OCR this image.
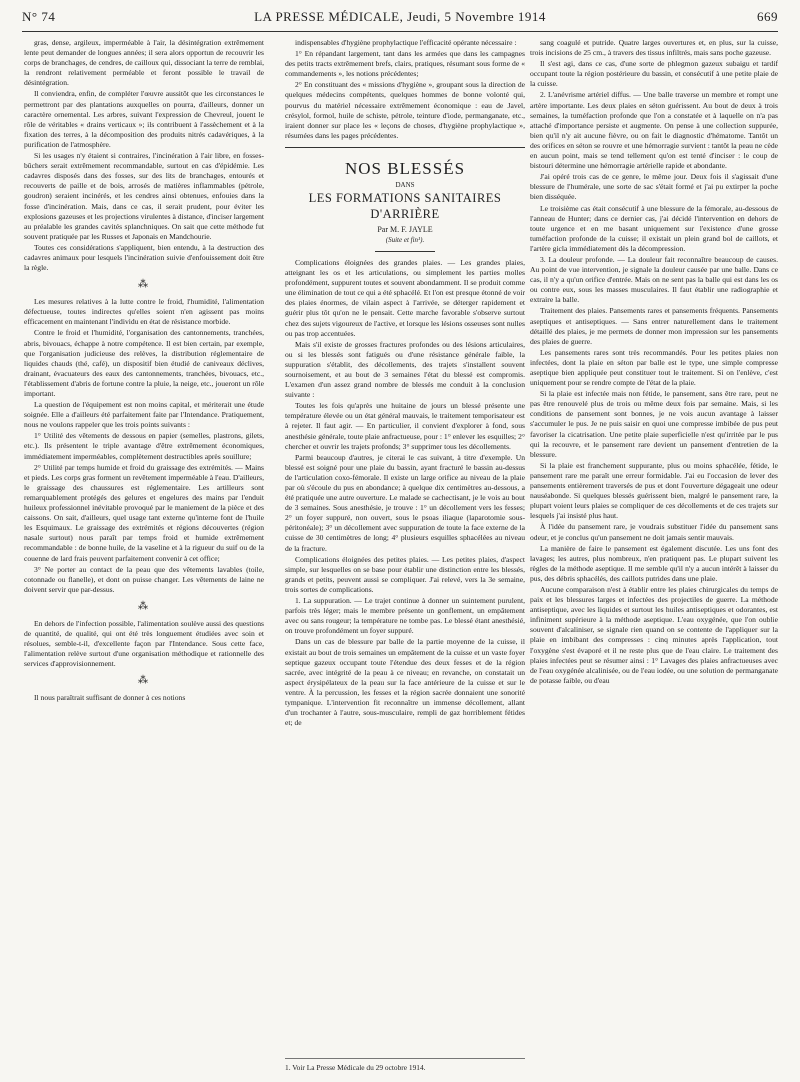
N° 74	LA PRESSE MÉDICALE, Jeudi, 5 Novembre 1914	669

gras, dense, argileux, imperméable à l'air, la désintégration extrêmement lente peut demander de longues années; il sera alors opportun de recouvrir les corps de branchages, de cendres, de cailloux qui, dissociant la terre de remblai, la rendront relativement perméable et feront possible le travail de désintégration.

Il conviendra, enfin, de compléter l'œuvre aussitôt que les circonstances le permettront par des plantations auxquelles on pourra, d'ailleurs, donner un caractère ornemental. Les arbres, suivant l'expression de Chevreul, jouent le rôle de véritables « drains verticaux »; ils contribuent à l'assèchement et à la fixation des terres, à la décomposition des produits nitrés cadavériques, à la purification de l'atmosphère.

Si les usages n'y étaient si contraires, l'incinération à l'air libre, en fosses-bûchers serait extrêmement recommandable, surtout en cas d'épidémie. Les cadavres disposés dans des fosses, sur des lits de branchages, entourés et recouverts de paille et de bois, arrosés de matières inflammables (pétrole, goudron) seraient incinérés, et les cendres ainsi obtenues, enfouies dans la fosse d'incinération. Mais, dans ce cas, il serait prudent, pour éviter les explosions gazeuses et les projections virulentes à distance, d'inciser largement au préalable les grandes cavités splanchniques. On sait que cette méthode fut souvent pratiquée par les Russes et Japonais en Mandchourie.

Toutes ces considérations s'appliquent, bien entendu, à la destruction des cadavres animaux pour lesquels l'incinération suivie d'enfouissement doit être la règle.

⁂

Les mesures relatives à la lutte contre le froid, l'humidité, l'alimentation défectueuse, toutes indirectes qu'elles soient n'en agissent pas moins efficacement en maintenant l'individu en état de résistance morbide.

Contre le froid et l'humidité, l'organisation des cantonnements, tranchées, abris, bivouacs, échappe à notre compétence. Il est bien certain, par exemple, que l'organisation judicieuse des relèves, la distribution réglementaire de liquides chauds (thé, café), un dispositif bien étudié de caniveaux déclives, drainant, évacuateurs des eaux des cantonnements, tranchées, bivouacs, etc., l'établissement d'abris de fortune contre la pluie, la neige, etc., joueront un rôle important.

La question de l'équipement est non moins capital, et mériterait une étude soignée. Elle a d'ailleurs été parfaitement faite par l'Intendance. Pratiquement, nous ne voulons rappeler que les trois points suivants :

1° Utilité des vêtements de dessous en papier (semelles, plastrons, gilets, etc.). Ils présentent le triple avantage d'être extrêmement économiques, immédiatement imperméables, complètement destructibles après souillure;

2° Utilité par temps humide et froid du graissage des extrémités. — Mains et pieds. Les corps gras forment un revêtement imperméable à l'eau. D'ailleurs, le graissage des chaussures est réglementaire. Les artilleurs sont remarquablement protégés des gelures et engelures des mains par l'enduit huileux professionnel inévitable provoqué par le maniement de la pièce et des caissons. On sait, d'ailleurs, quel usage tant externe qu'interne font de l'huile les Esquimaux. Le graissage des extrémités et régions découvertes (région nasale surtout) nous paraît par temps froid et humide extrêmement recommandable : de bonne huile, de la vaseline et à la rigueur du suif ou de la couenne de lard frais peuvent parfaitement convenir à cet office;

3° Ne porter au contact de la peau que des vêtements lavables (toile, cotonnade ou flanelle), et dont on puisse changer. Les vêtements de laine ne doivent servir que par-dessus.

⁂

En dehors de l'infection possible, l'alimentation soulève aussi des questions de quantité, de qualité, qui ont été très longuement étudiées avec soin et résolues, semble-t-il, d'excellente façon par l'Intendance. Sous cette face, l'alimentation relève surtout d'une organisation méthodique et rationnelle des services d'approvisionnement.

⁂

Il nous paraîtrait suffisant de donner à ces notions

indispensables d'hygiène prophylactique l'efficacité opérante nécessaire :

1° En répandant largement, tant dans les armées que dans les campagnes des petits tracts extrêmement brefs, clairs, pratiques, résumant sous forme de « commandements », les notions précédentes;

2° En constituant des « missions d'hygiène », groupant sous la direction de quelques médecins compétents, quelques hommes de bonne volonté qui, pourvus du matériel nécessaire extrêmement économique : eau de Javel, crésylol, formol, huile de schiste, pétrole, teinture d'iode, permanganate, etc., iraient donner sur place les « leçons de choses, d'hygiène prophylactique », résumées dans les pages précédentes.

NOS BLESSÉS
DANS
LES FORMATIONS SANITAIRES D'ARRIÈRE
Par M. F. JAYLE
(Suite et fin¹).

Complications éloignées des grandes plaies. — Les grandes plaies, atteignant les os et les articulations, ou simplement les parties molles profondément, suppurent toutes et souvent abondamment. Il se produit comme une élimination de tout ce qui a été sphacélé. Et l'on est presque étonné de voir des plaies énormes, de vilain aspect à l'arrivée, se déterger rapidement et guérir plus tôt qu'on ne le pensait. Cette marche favorable s'observe surtout chez des sujets vigoureux de l'active, et lorsque les lésions osseuses sont nulles ou pas trop accentuées.

Mais s'il existe de grosses fractures profondes ou des lésions articulaires, ou si les blessés sont fatigués ou d'une résistance générale faible, la suppuration s'établit, des décollements, des trajets s'installent souvent sournoisement, et au bout de 3 semaines l'état du blessé est compromis. L'examen d'un assez grand nombre de blessés me conduit à la conclusion suivante :

Toutes les fois qu'après une huitaine de jours un blessé présente une température élevée ou un état général mauvais, le traitement temporisateur est à rejeter. Il faut agir. — En particulier, il convient d'explorer à fond, sous anesthésie générale, toute plaie anfractueuse, pour : 1° enlever les esquilles; 2° chercher et ouvrir les trajets profonds; 3° supprimer tous les décollements.

Parmi beaucoup d'autres, je citerai le cas suivant, à titre d'exemple. Un blessé est soigné pour une plaie du bassin, ayant fracturé le bassin au-dessus de l'articulation coxo-fémorale. Il existe un large orifice au niveau de la plaie par où s'écoule du pus en abondance; à quelque dix centimètres au-dessous, a été pratiquée une autre ouverture. Le malade se cachectisant, je le vois au bout de 3 semaines. Sous anesthésie, je trouve : 1° un décollement vers les fesses; 2° un foyer suppuré, non ouvert, sous le psoas iliaque (laparotomie sous-péritonéale); 3° un décollement avec suppuration de toute la face externe de la cuisse de 30 centimètres de long; 4° plusieurs esquilles sphacélées au niveau de la fracture.

Complications éloignées des petites plaies. — Les petites plaies, d'aspect simple, sur lesquelles on se base pour établir une distinction entre les blessés, grands et petits, peuvent aussi se compliquer. J'ai relevé, vers la 3e semaine, trois sortes de complications.

1. La suppuration. — Le trajet continue à donner un suintement purulent, parfois très léger; mais le membre présente un gonflement, un empâtement avec ou sans rougeur; la température ne tombe pas. Le blessé étant anesthésié, on trouve profondément un foyer suppuré.

Dans un cas de blessure par balle de la partie moyenne de la cuisse, il existait au bout de trois semaines un empâtement de la cuisse et un vaste foyer septique gazeux occupant toute l'étendue des deux fesses et de la région sacrée, avec intégrité de la peau à ce niveau; en revanche, on constatait un aspect érysipélateux de la peau sur la face antérieure de la cuisse et sur le ventre. À la percussion, les fesses et la région sacrée donnaient une sonorité tympanique. L'intervention fit reconnaître un immense décollement, allant d'un trochanter à l'autre, sous-musculaire, rempli de gaz horriblement fétides et; de

1. Voir La Presse Médicale du 29 octobre 1914.

sang coagulé et putride. Quatre larges ouvertures et, en plus, sur la cuisse, trois incisions de 25 cm., à travers des tissus infiltrés, mais sans poche gazeuse.

Il s'est agi, dans ce cas, d'une sorte de phlegmon gazeux subaigu et tardif occupant toute la région postérieure du bassin, et consécutif à une petite plaie de la cuisse.

2. L'anévrisme artériel diffus. — Une balle traverse un membre et rompt une artère importante. Les deux plaies en séton guérissent. Au bout de deux à trois semaines, la tuméfaction profonde que l'on a constatée et à laquelle on n'a pas attaché d'importance persiste et augmente. On pense à une collection suppurée, bien qu'il n'y ait aucune fièvre, ou on fait le diagnostic d'hématome. Tantôt un des orifices en séton se rouvre et une hémorragie survient : tantôt la peau ne cède en aucun point, mais se tend tellement qu'on est tenté d'inciser : le coup de bistouri détermine une hémorragie artérielle rapide et abondante.

J'ai opéré trois cas de ce genre, le même jour. Deux fois il s'agissait d'une blessure de l'humérale, une sorte de sac s'était formé et j'ai pu extirper la poche bien disséquée.

Le troisième cas était consécutif à une blessure de la fémorale, au-dessous de l'anneau de Hunter; dans ce dernier cas, j'ai décidé l'intervention en dehors de toute urgence et en me basant uniquement sur l'existence d'une grosse tuméfaction profonde de la cuisse; il existait un plein grand bol de caillots, et l'artère gicla immédiatement dès la décompression.

3. La douleur profonde. — La douleur fait reconnaître beaucoup de causes. Au point de vue intervention, je signale la douleur causée par une balle. Dans ce cas, il n'y a qu'un orifice d'entrée. Mais on ne sent pas la balle qui est dans les os ou contre eux, sous les masses musculaires. Il faut établir une radiographie et extraire la balle.

Traitement des plaies. Pansements rares et pansements fréquents. Pansements aseptiques et antiseptiques. — Sans entrer naturellement dans le traitement détaillé des plaies, je me permets de donner mon impression sur les pansements des plaies de guerre.

Les pansements rares sont très recommandés. Pour les petites plaies non infectées, dont la plaie en séton par balle est le type, une simple compresse aseptique bien appliquée peut constituer tout le traitement. Si on l'enlève, c'est uniquement pour se rendre compte de l'état de la plaie.

Si la plaie est infectée mais non fétide, le pansement, sans être rare, peut ne pas être renouvelé plus de trois ou même deux fois par semaine. Mais, si les conditions de pansement sont bonnes, je ne vois aucun avantage à laisser s'accumuler le pus. Je ne puis saisir en quoi une compresse imbibée de pus peut favoriser la cicatrisation. Une petite plaie superficielle n'est qu'irritée par le pus qui la recouvre, et le pansement rare devient un pansement d'entretien de la blessure.

Si la plaie est franchement suppurante, plus ou moins sphacélée, fétide, le pansement rare me paraît une erreur formidable. J'ai eu l'occasion de lever des pansements entièrement traversés de pus et dont l'ouverture dégageait une odeur nauséabonde. Si quelques blessés guérissent bien, malgré le pansement rare, la plupart voient leurs plaies se compliquer de ces décollements et de ces trajets sur lesquels j'ai insisté plus haut.

À l'idée du pansement rare, je voudrais substituer l'idée du pansement sans odeur, et je conclus qu'un pansement ne doit jamais sentir mauvais.

La manière de faire le pansement est également discutée. Les uns font des lavages; les autres, plus nombreux, n'en pratiquent pas. Le plupart suivent les règles de la méthode aseptique. Il me semble qu'il n'y a aucun intérêt à laisser du pus, des débris sphacélés, des caillots putrides dans une plaie.

Aucune comparaison n'est à établir entre les plaies chirurgicales du temps de paix et les blessures larges et infectées des projectiles de guerre. La méthode antiseptique, avec les liquides et surtout les huiles antiseptiques et odorantes, est infiniment supérieure à la méthode aseptique. L'eau oxygénée, que l'on oublie souvent d'alcaliniser, se signale rien quand on se contente de l'appliquer sur la plaie en imbibant des compresses : cinq minutes après l'application, tout l'oxygène s'est évaporé et il ne reste plus que de l'eau claire. Le traitement des plaies infectées peut se résumer ainsi : 1° Lavages des plaies anfractueuses avec de l'eau oxygénée alcalinisée, ou de l'eau iodée, ou une solution de permanganate de potasse faible, ou d'eau
